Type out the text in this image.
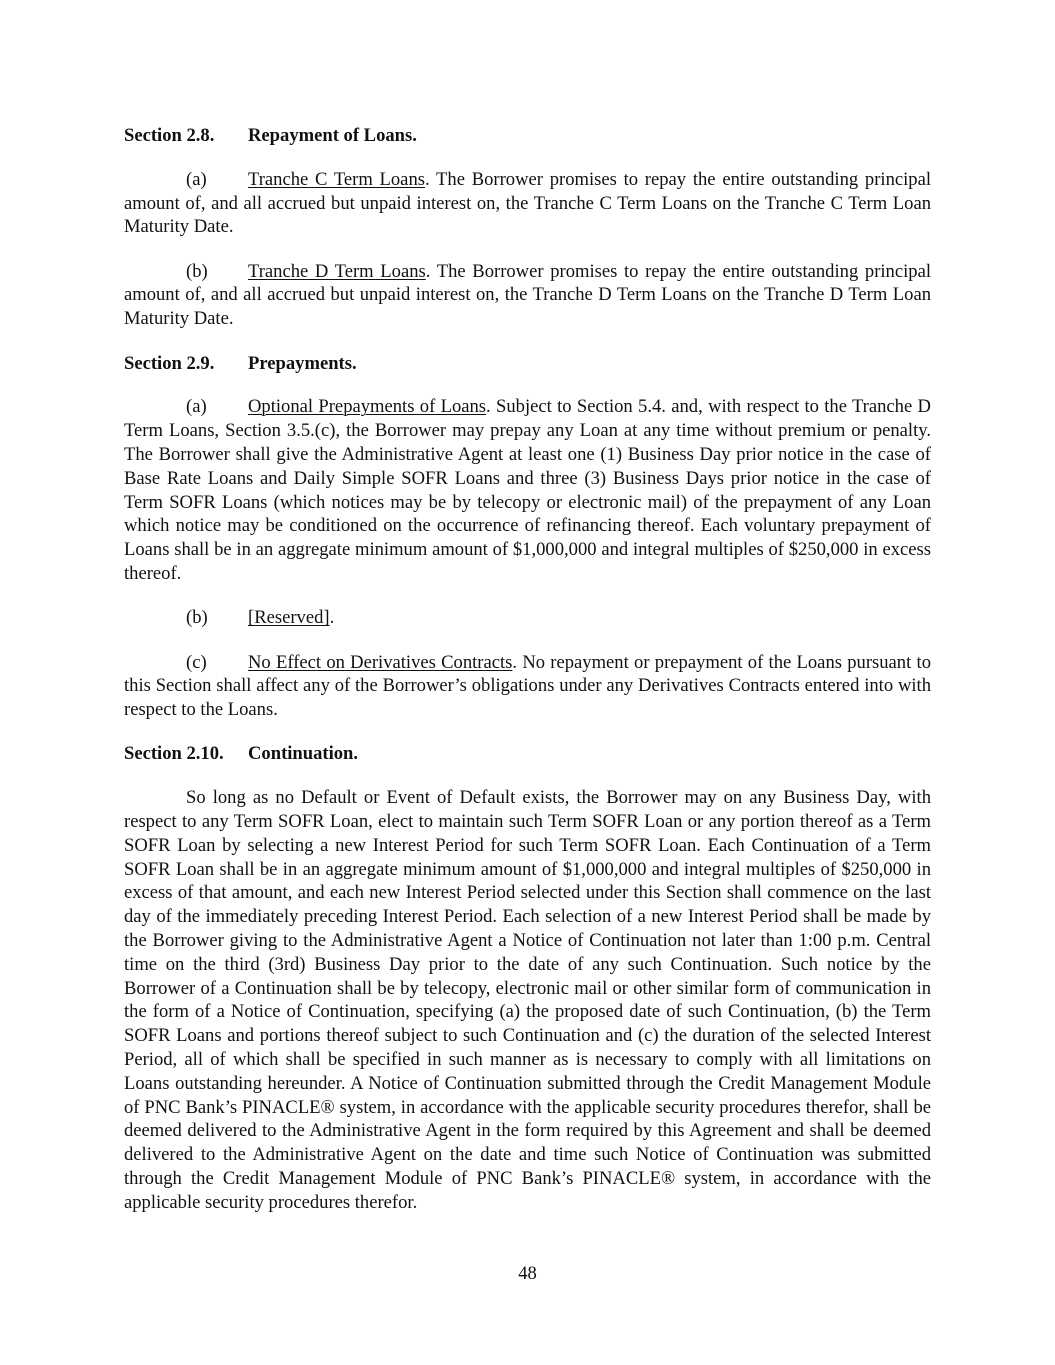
Section 2.8. Repayment of Loans.

(a) Tranche C Term Loans. The Borrower promises to repay the entire outstanding principal amount of, and all accrued but unpaid interest on, the Tranche C Term Loans on the Tranche C Term Loan Maturity Date.

(b) Tranche D Term Loans. The Borrower promises to repay the entire outstanding principal amount of, and all accrued but unpaid interest on, the Tranche D Term Loans on the Tranche D Term Loan Maturity Date.

Section 2.9. Prepayments.

(a) Optional Prepayments of Loans. Subject to Section 5.4. and, with respect to the Tranche D Term Loans, Section 3.5.(c), the Borrower may prepay any Loan at any time without premium or penalty. The Borrower shall give the Administrative Agent at least one (1) Business Day prior notice in the case of Base Rate Loans and Daily Simple SOFR Loans and three (3) Business Days prior notice in the case of Term SOFR Loans (which notices may be by telecopy or electronic mail) of the prepayment of any Loan which notice may be conditioned on the occurrence of refinancing thereof. Each voluntary prepayment of Loans shall be in an aggregate minimum amount of $1,000,000 and integral multiples of $250,000 in excess thereof.

(b) [Reserved].

(c) No Effect on Derivatives Contracts. No repayment or prepayment of the Loans pursuant to this Section shall affect any of the Borrower’s obligations under any Derivatives Contracts entered into with respect to the Loans.

Section 2.10. Continuation.

So long as no Default or Event of Default exists, the Borrower may on any Business Day, with respect to any Term SOFR Loan, elect to maintain such Term SOFR Loan or any portion thereof as a Term SOFR Loan by selecting a new Interest Period for such Term SOFR Loan. Each Continuation of a Term SOFR Loan shall be in an aggregate minimum amount of $1,000,000 and integral multiples of $250,000 in excess of that amount, and each new Interest Period selected under this Section shall commence on the last day of the immediately preceding Interest Period. Each selection of a new Interest Period shall be made by the Borrower giving to the Administrative Agent a Notice of Continuation not later than 1:00 p.m. Central time on the third (3rd) Business Day prior to the date of any such Continuation. Such notice by the Borrower of a Continuation shall be by telecopy, electronic mail or other similar form of communication in the form of a Notice of Continuation, specifying (a) the proposed date of such Continuation, (b) the Term SOFR Loans and portions thereof subject to such Continuation and (c) the duration of the selected Interest Period, all of which shall be specified in such manner as is necessary to comply with all limitations on Loans outstanding hereunder. A Notice of Continuation submitted through the Credit Management Module of PNC Bank’s PINACLE® system, in accordance with the applicable security procedures therefor, shall be deemed delivered to the Administrative Agent in the form required by this Agreement and shall be deemed delivered to the Administrative Agent on the date and time such Notice of Continuation was submitted through the Credit Management Module of PNC Bank’s PINACLE® system, in accordance with the applicable security procedures therefor.

48
